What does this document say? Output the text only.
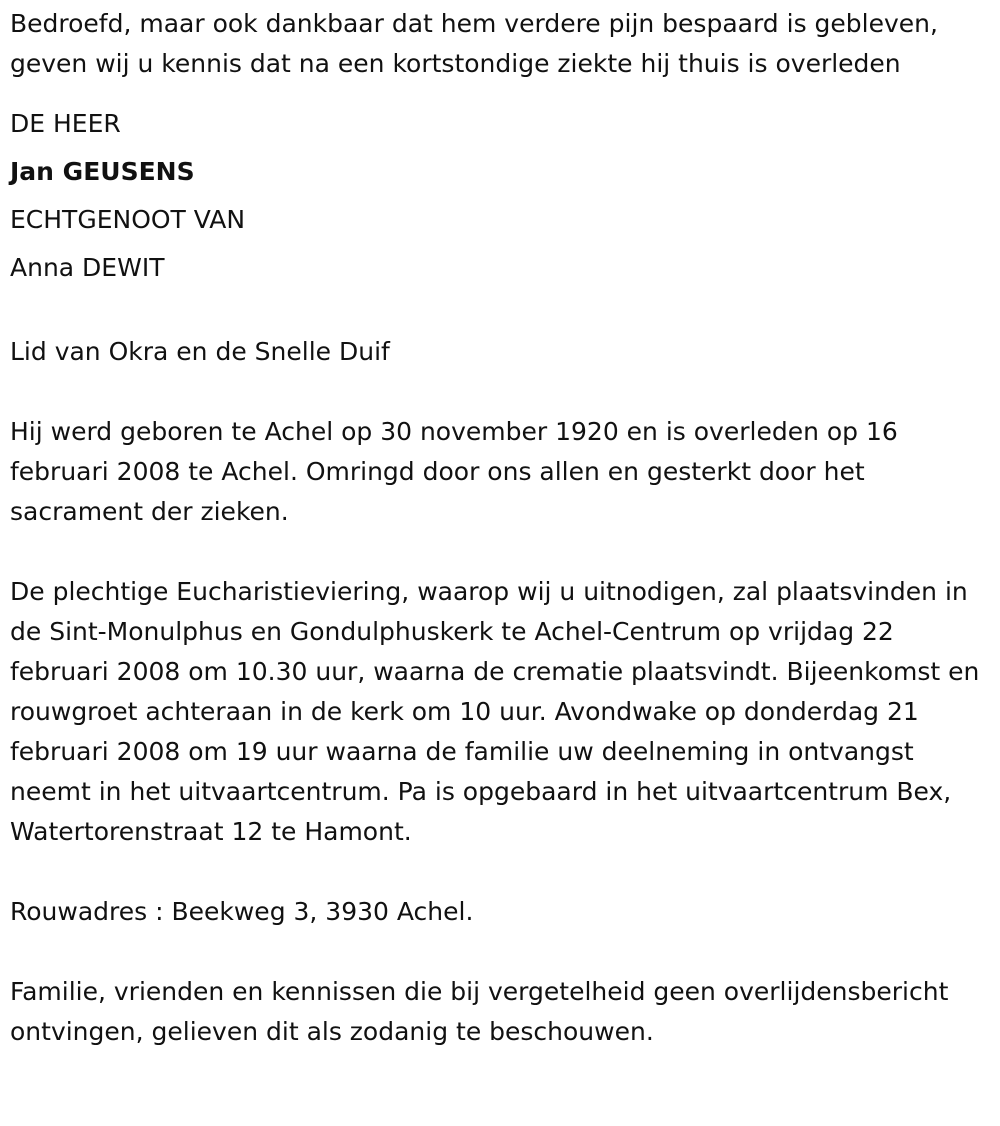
Bedroefd, maar ook dankbaar dat hem verdere pijn bespaard is gebleven, geven wij u kennis dat na een kortstondige ziekte hij thuis is overleden

DE HEER

Jan GEUSENS

ECHTGENOOT VAN

Anna DEWIT

Lid van Okra en de Snelle Duif

Hij werd geboren te Achel op 30 november 1920 en is overleden op 16 februari 2008 te Achel. Omringd door ons allen en gesterkt door het sacrament der zieken.

De plechtige Eucharistieviering, waarop wij u uitnodigen, zal plaatsvinden in de Sint-Monulphus en Gondulphuskerk te Achel-Centrum op vrijdag 22 februari 2008 om 10.30 uur, waarna de crematie plaatsvindt. Bijeenkomst en rouwgroet achteraan in de kerk om 10 uur. Avondwake op donderdag 21 februari 2008 om 19 uur waarna de familie uw deelneming in ontvangst neemt in het uitvaartcentrum. Pa is opgebaard in het uitvaartcentrum Bex, Watertorenstraat 12 te Hamont.

Rouwadres : Beekweg 3, 3930 Achel.

Familie, vrienden en kennissen die bij vergetelheid geen overlijdensbericht ontvingen, gelieven dit als zodanig te beschouwen.
